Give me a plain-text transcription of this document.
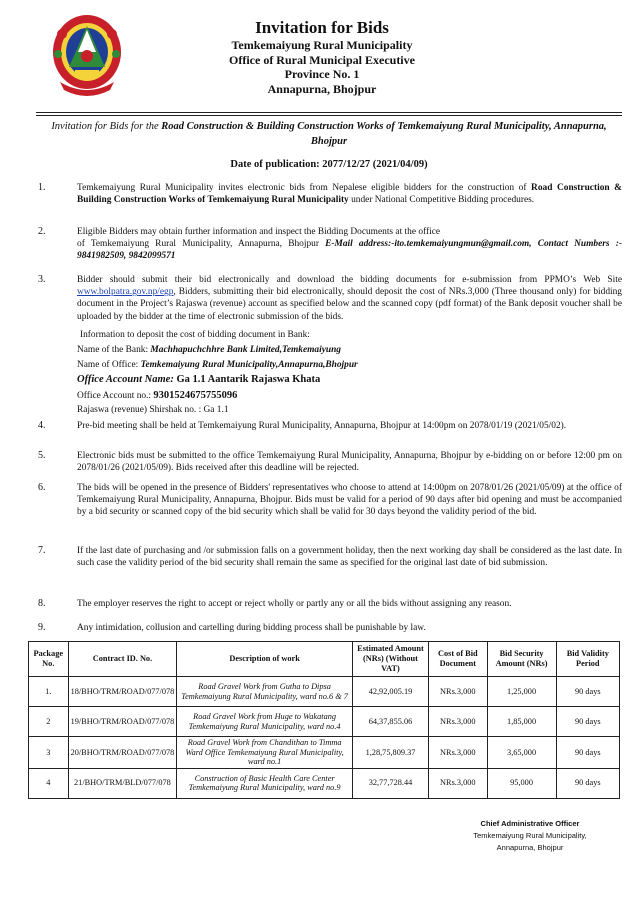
Invitation for Bids
Temkemaiyung Rural Municipality
Office of Rural Municipal Executive
Province No. 1
Annapurna, Bhojpur
Invitation for Bids for the Road Construction & Building Construction Works of Temkemaiyung Rural Municipality, Annapurna, Bhojpur
Date of publication: 2077/12/27 (2021/04/09)
1.	Temkemaiyung Rural Municipality invites electronic bids from Nepalese eligible bidders for the construction of Road Construction & Building Construction Works of Temkemaiyung Rural Municipality under National Competitive Bidding procedures.
2.	Eligible Bidders may obtain further information and inspect the Bidding Documents at the office
of Temkemaiyung Rural Municipality, Annapurna, Bhojpur E-Mail address:-ito.temkemaiyungmun@gmail.com, Contact Numbers :- 9841982509, 9842099571
3.	Bidder should submit their bid electronically and download the bidding documents for e-submission from PPMO’s Web Site www.bolpatra.gov.np/egp, Bidders, submitting their bid electronically, should deposit the cost of NRs.3,000 (Three thousand only) for bidding document in the Project’s Rajaswa (revenue) account as specified below and the scanned copy (pdf format) of the Bank deposit voucher shall be uploaded by the bidder at the time of electronic submission of the bids.
Information to deposit the cost of bidding document in Bank:
Name of the Bank: Machhapuchchhre Bank Limited,Temkemaiyung
Name of Office: Temkemaiyung Rural Municipality,Annapurna,Bhojpur
Office Account Name: Ga 1.1 Aantarik Rajaswa Khata
Office Account no.: 9301524675755096
Rajaswa (revenue) Shirshak no. : Ga 1.1
4.	Pre-bid meeting shall be held at Temkemaiyung Rural Municipality, Annapurna, Bhojpur at 14:00pm on 2078/01/19 (2021/05/02).
5.	Electronic bids must be submitted to the office Temkemaiyung Rural Municipality, Annapurna, Bhojpur by e-bidding on or before 12:00 pm on 2078/01/26 (2021/05/09). Bids received after this deadline will be rejected.
6.	The bids will be opened in the presence of Bidders' representatives who choose to attend at 14:00pm on 2078/01/26 (2021/05/09) at the office of Temkemaiyung Rural Municipality, Annapurna, Bhojpur. Bids must be valid for a period of 90 days after bid opening and must be accompanied by a bid security or scanned copy of the bid security which shall be valid for 30 days beyond the validity period of the bid.
7.	If the last date of purchasing and /or submission falls on a government holiday, then the next working day shall be considered as the last date. In such case the validity period of the bid security shall remain the same as specified for the original last date of bid submission.
8.	The employer reserves the right to accept or reject wholly or partly any or all the bids without assigning any reason.
9.	Any intimidation, collusion and cartelling during bidding process shall be punishable by law.
Package No.	Contract ID. No.	Description of work	Estimated Amount (NRs) (Without VAT)	Cost of Bid Document	Bid Security Amount (NRs)	Bid Validity Period
1.	18/BHO/TRM/ROAD/077/078	Road Gravel Work from Gutha to Dipsa Temkemaiyung Rural Municipality, ward no.6 & 7	42,92,005.19	NRs.3,000	1,25,000	90 days
2	19/BHO/TRM/ROAD/077/078	Road Gravel Work from Huge to Wakatang Temkemaiyung Rural Municipality, ward no.4	64,37,855.06	NRs.3,000	1,85,000	90 days
3	20/BHO/TRM/ROAD/077/078	Road Gravel Work from Chandithan to Timma Ward Office Temkemaiyung Rural Municipality, ward no.1	1,28,75,809.37	NRs.3,000	3,65,000	90 days
4	21/BHO/TRM/BLD/077/078	Construction of Basic Health Care Center Temkemaiyung Rural Municipality, ward no.9	32,77,728.44	NRs.3,000	95,000	90 days
Chief Administrative Officer
Temkemaiyung Rural Municipality,
Annapurna, Bhojpur
